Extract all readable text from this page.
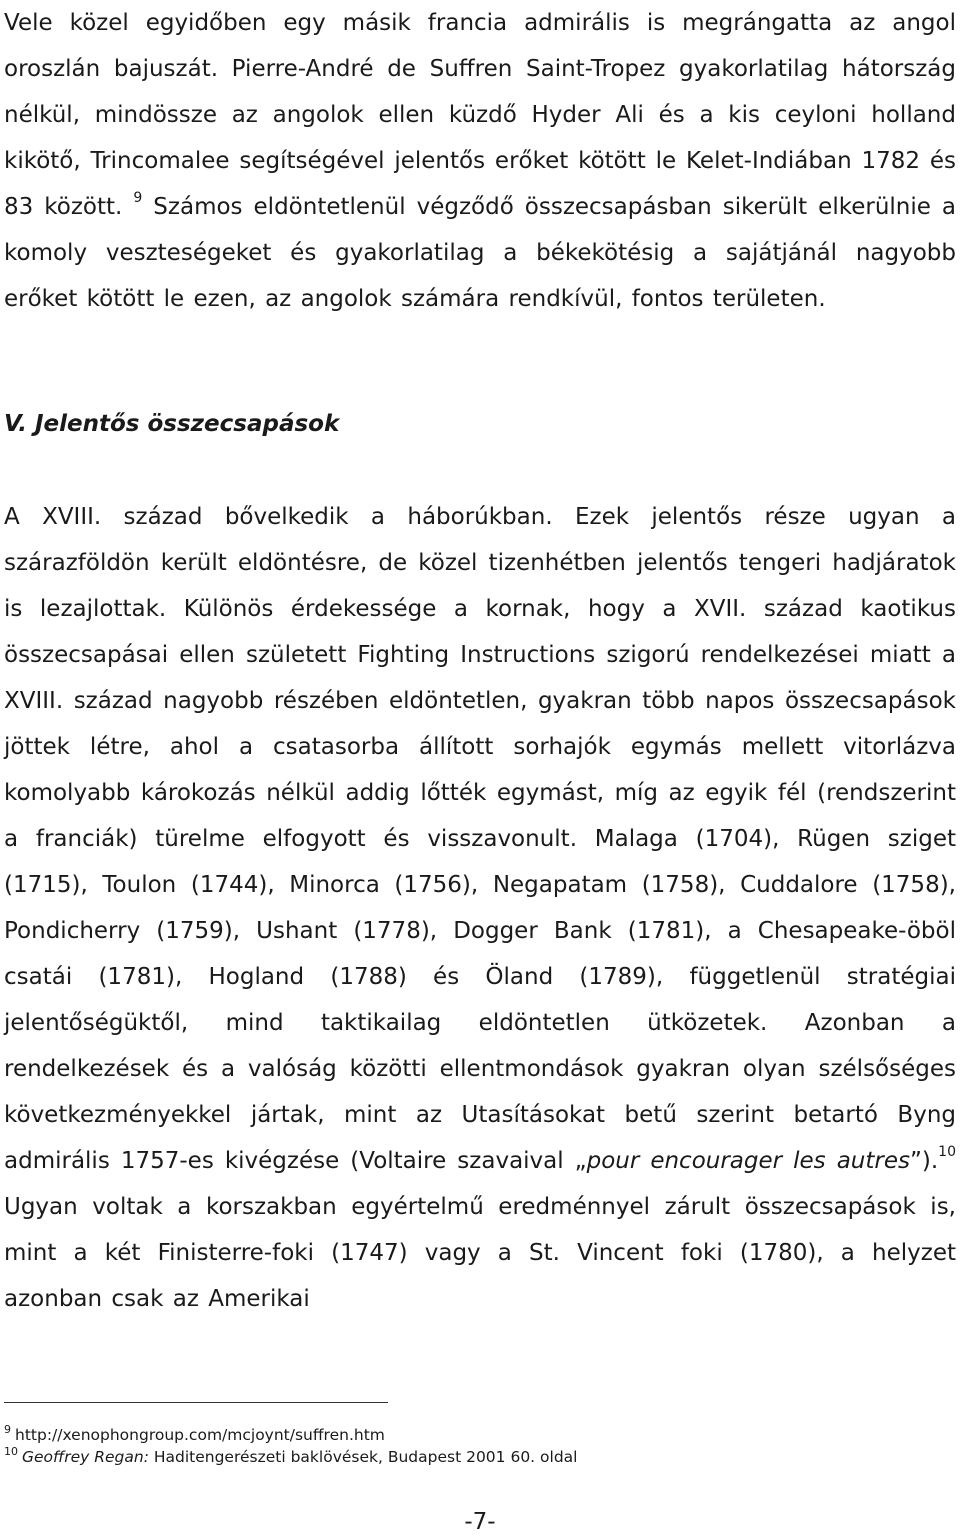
Vele közel egyidőben egy másik francia admirális is megrángatta az angol oroszlán bajuszát. Pierre-André de Suffren Saint-Tropez gyakorlatilag hátország nélkül, mindössze az angolok ellen küzdő Hyder Ali és a kis ceyloni holland kikötő, Trincomalee segítségével jelentős erőket kötött le Kelet-Indiában 1782 és 83 között. $^9$ Számos eldöntetlenül végződő összecsapásban sikerült elkerülnie a komoly veszteségeket és gyakorlatilag a békekötésig a sajátjánál nagyobb erőket kötött le ezen, az angolok számára rendkívül, fontos területen.

V. Jelentős összecsapások

A XVIII. század bővelkedik a háborúkban. Ezek jelentős része ugyan a szárazföldön került eldöntésre, de közel tizenhétben jelentős tengeri hadjáratok is lezajlottak. Különös érdekessége a kornak, hogy a XVII. század kaotikus összecsapásai ellen született Fighting Instructions szigorú rendelkezései miatt a XVIII. század nagyobb részében eldöntetlen, gyakran több napos összecsapások jöttek létre, ahol a csatasorba állított sorhajók egymás mellett vitorlázva komolyabb károkozás nélkül addig lőtték egymást, míg az egyik fél (rendszerint a franciák) türelme elfogyott és visszavonult. Malaga (1704), Rügen sziget (1715), Toulon (1744), Minorca (1756), Negapatam (1758), Cuddalore (1758), Pondicherry (1759), Ushant (1778), Dogger Bank (1781), a Chesapeake-öböl csatái (1781), Hogland (1788) és Öland (1789), függetlenül stratégiai jelentőségüktől, mind taktikailag eldöntetlen ütközetek. Azonban a rendelkezések és a valóság közötti ellentmondások gyakran olyan szélsőséges következményekkel jártak, mint az Utasításokat betű szerint betartó Byng admirális 1757-es kivégzése (Voltaire szavaival „pour encourager les autres”).$^{10}$ Ugyan voltak a korszakban egyértelmű eredménnyel zárult összecsapások is, mint a két Finisterre-foki (1747) vagy a St. Vincent foki (1780), a helyzet azonban csak az Amerikai

$^9$ http://xenophongroup.com/mcjoynt/suffren.htm
$^{10}$ Geoffrey Regan: Haditengerészeti baklövések, Budapest 2001 60. oldal
-7-
